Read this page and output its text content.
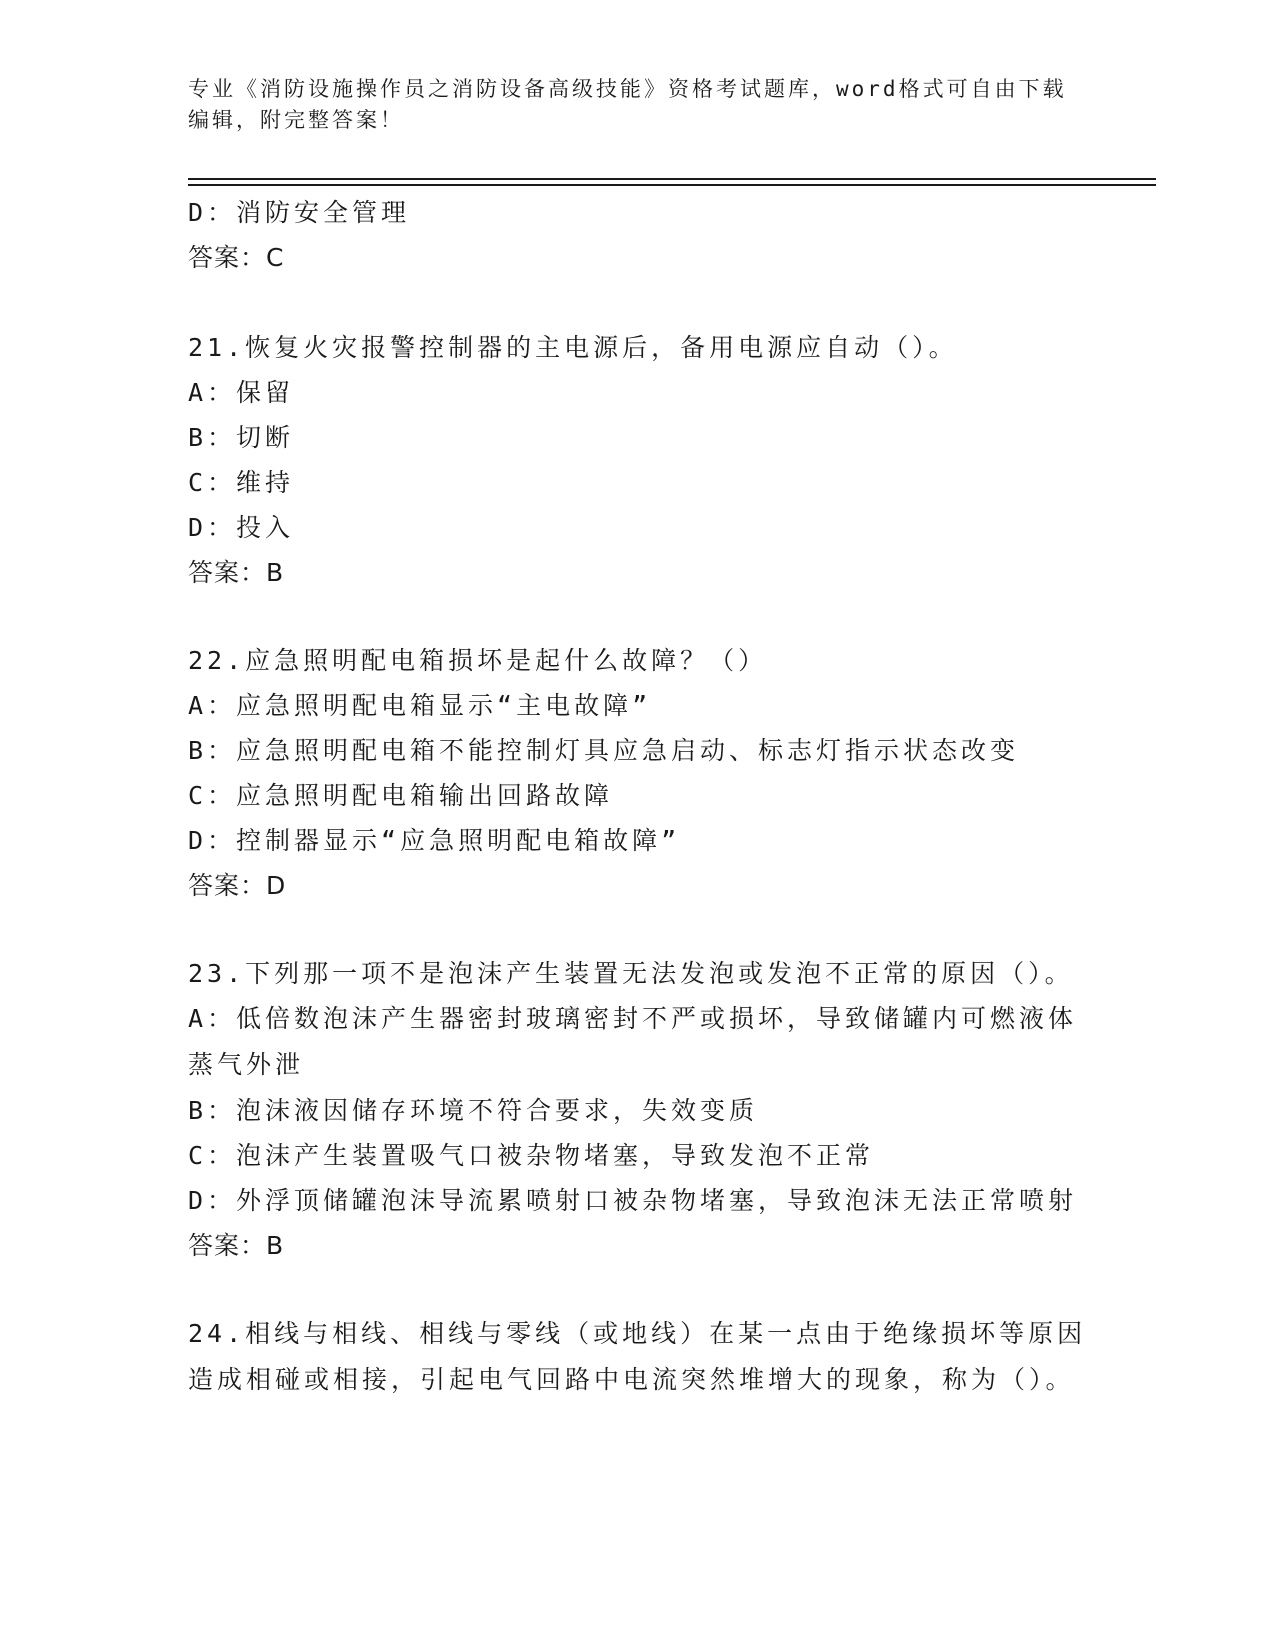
专业《消防设施操作员之消防设备高级技能》资格考试题库，word格式可自由下载编辑，附完整答案！
D：消防安全管理
答案：C
21.恢复火灾报警控制器的主电源后，备用电源应自动（）。
A：保留
B：切断
C：维持
D：投入
答案：B
22.应急照明配电箱损坏是起什么故障？（）
A：应急照明配电箱显示“主电故障”
B：应急照明配电箱不能控制灯具应急启动、标志灯指示状态改变
C：应急照明配电箱输出回路故障
D：控制器显示“应急照明配电箱故障”
答案：D
23.下列那一项不是泡沫产生装置无法发泡或发泡不正常的原因（）。
A：低倍数泡沫产生器密封玻璃密封不严或损坏，导致储罐内可燃液体蒸气外泄
B：泡沫液因储存环境不符合要求，失效变质
C：泡沫产生装置吸气口被杂物堵塞，导致发泡不正常
D：外浮顶储罐泡沫导流累喷射口被杂物堵塞，导致泡沫无法正常喷射
答案：B
24.相线与相线、相线与零线（或地线）在某一点由于绝缘损坏等原因造成相碰或相接，引起电气回路中电流突然堆增大的现象，称为（）。
